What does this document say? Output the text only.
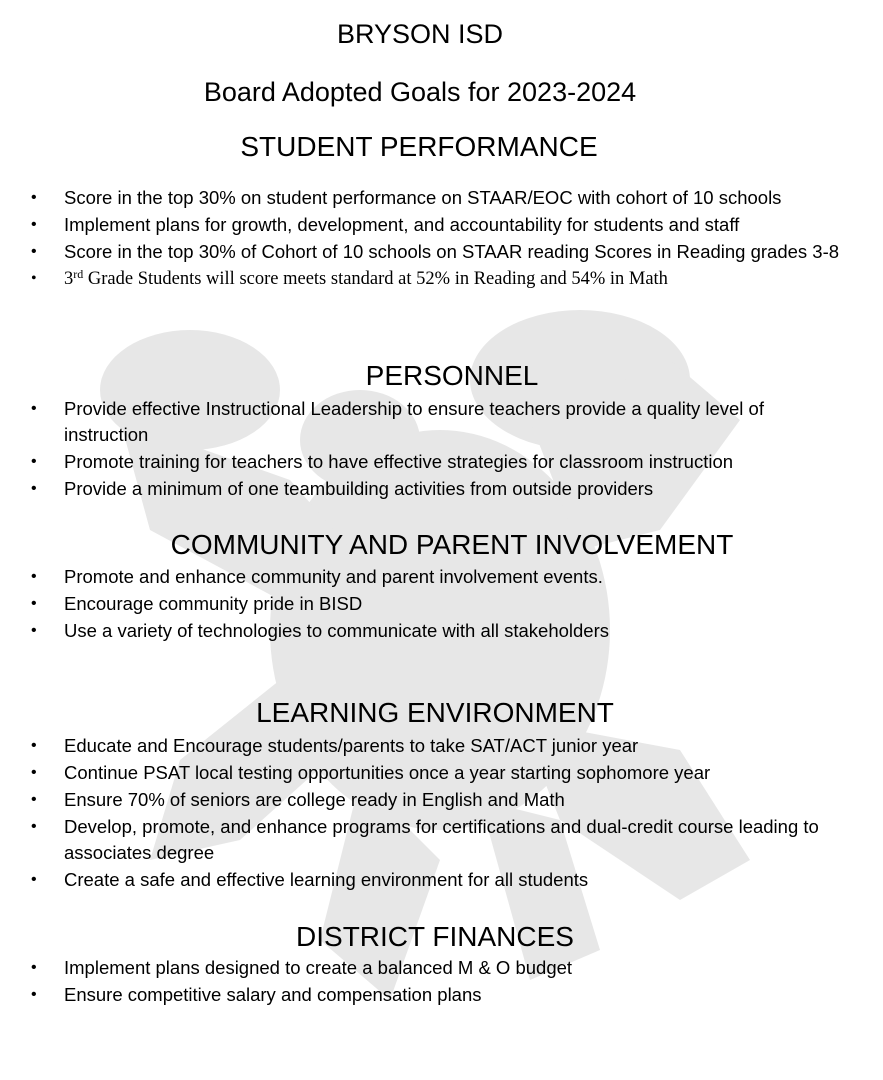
BRYSON ISD
Board Adopted Goals for 2023-2024
STUDENT PERFORMANCE
• Score in the top 30% on student performance on STAAR/EOC with cohort of 10 schools
• Implement plans for growth, development, and accountability for students and staff
• Score in the top 30% of Cohort of 10 schools on STAAR reading Scores in Reading grades 3-8
• 3rd Grade Students will score meets standard at 52% in Reading and 54% in Math
PERSONNEL
• Provide effective Instructional Leadership to ensure teachers provide a quality level of instruction
• Promote training for teachers to have effective strategies for classroom instruction
• Provide a minimum of one teambuilding activities from outside providers
COMMUNITY AND PARENT INVOLVEMENT
• Promote and enhance community and parent involvement events.
• Encourage community pride in BISD
• Use a variety of technologies to communicate with all stakeholders
LEARNING ENVIRONMENT
• Educate and Encourage students/parents to take SAT/ACT junior year
• Continue PSAT local testing opportunities once a year starting sophomore year
• Ensure 70% of seniors are college ready in English and Math
• Develop, promote, and enhance programs for certifications and dual-credit course leading to associates degree
• Create a safe and effective learning environment for all students
DISTRICT FINANCES
• Implement plans designed to create a balanced M & O budget
• Ensure competitive salary and compensation plans
